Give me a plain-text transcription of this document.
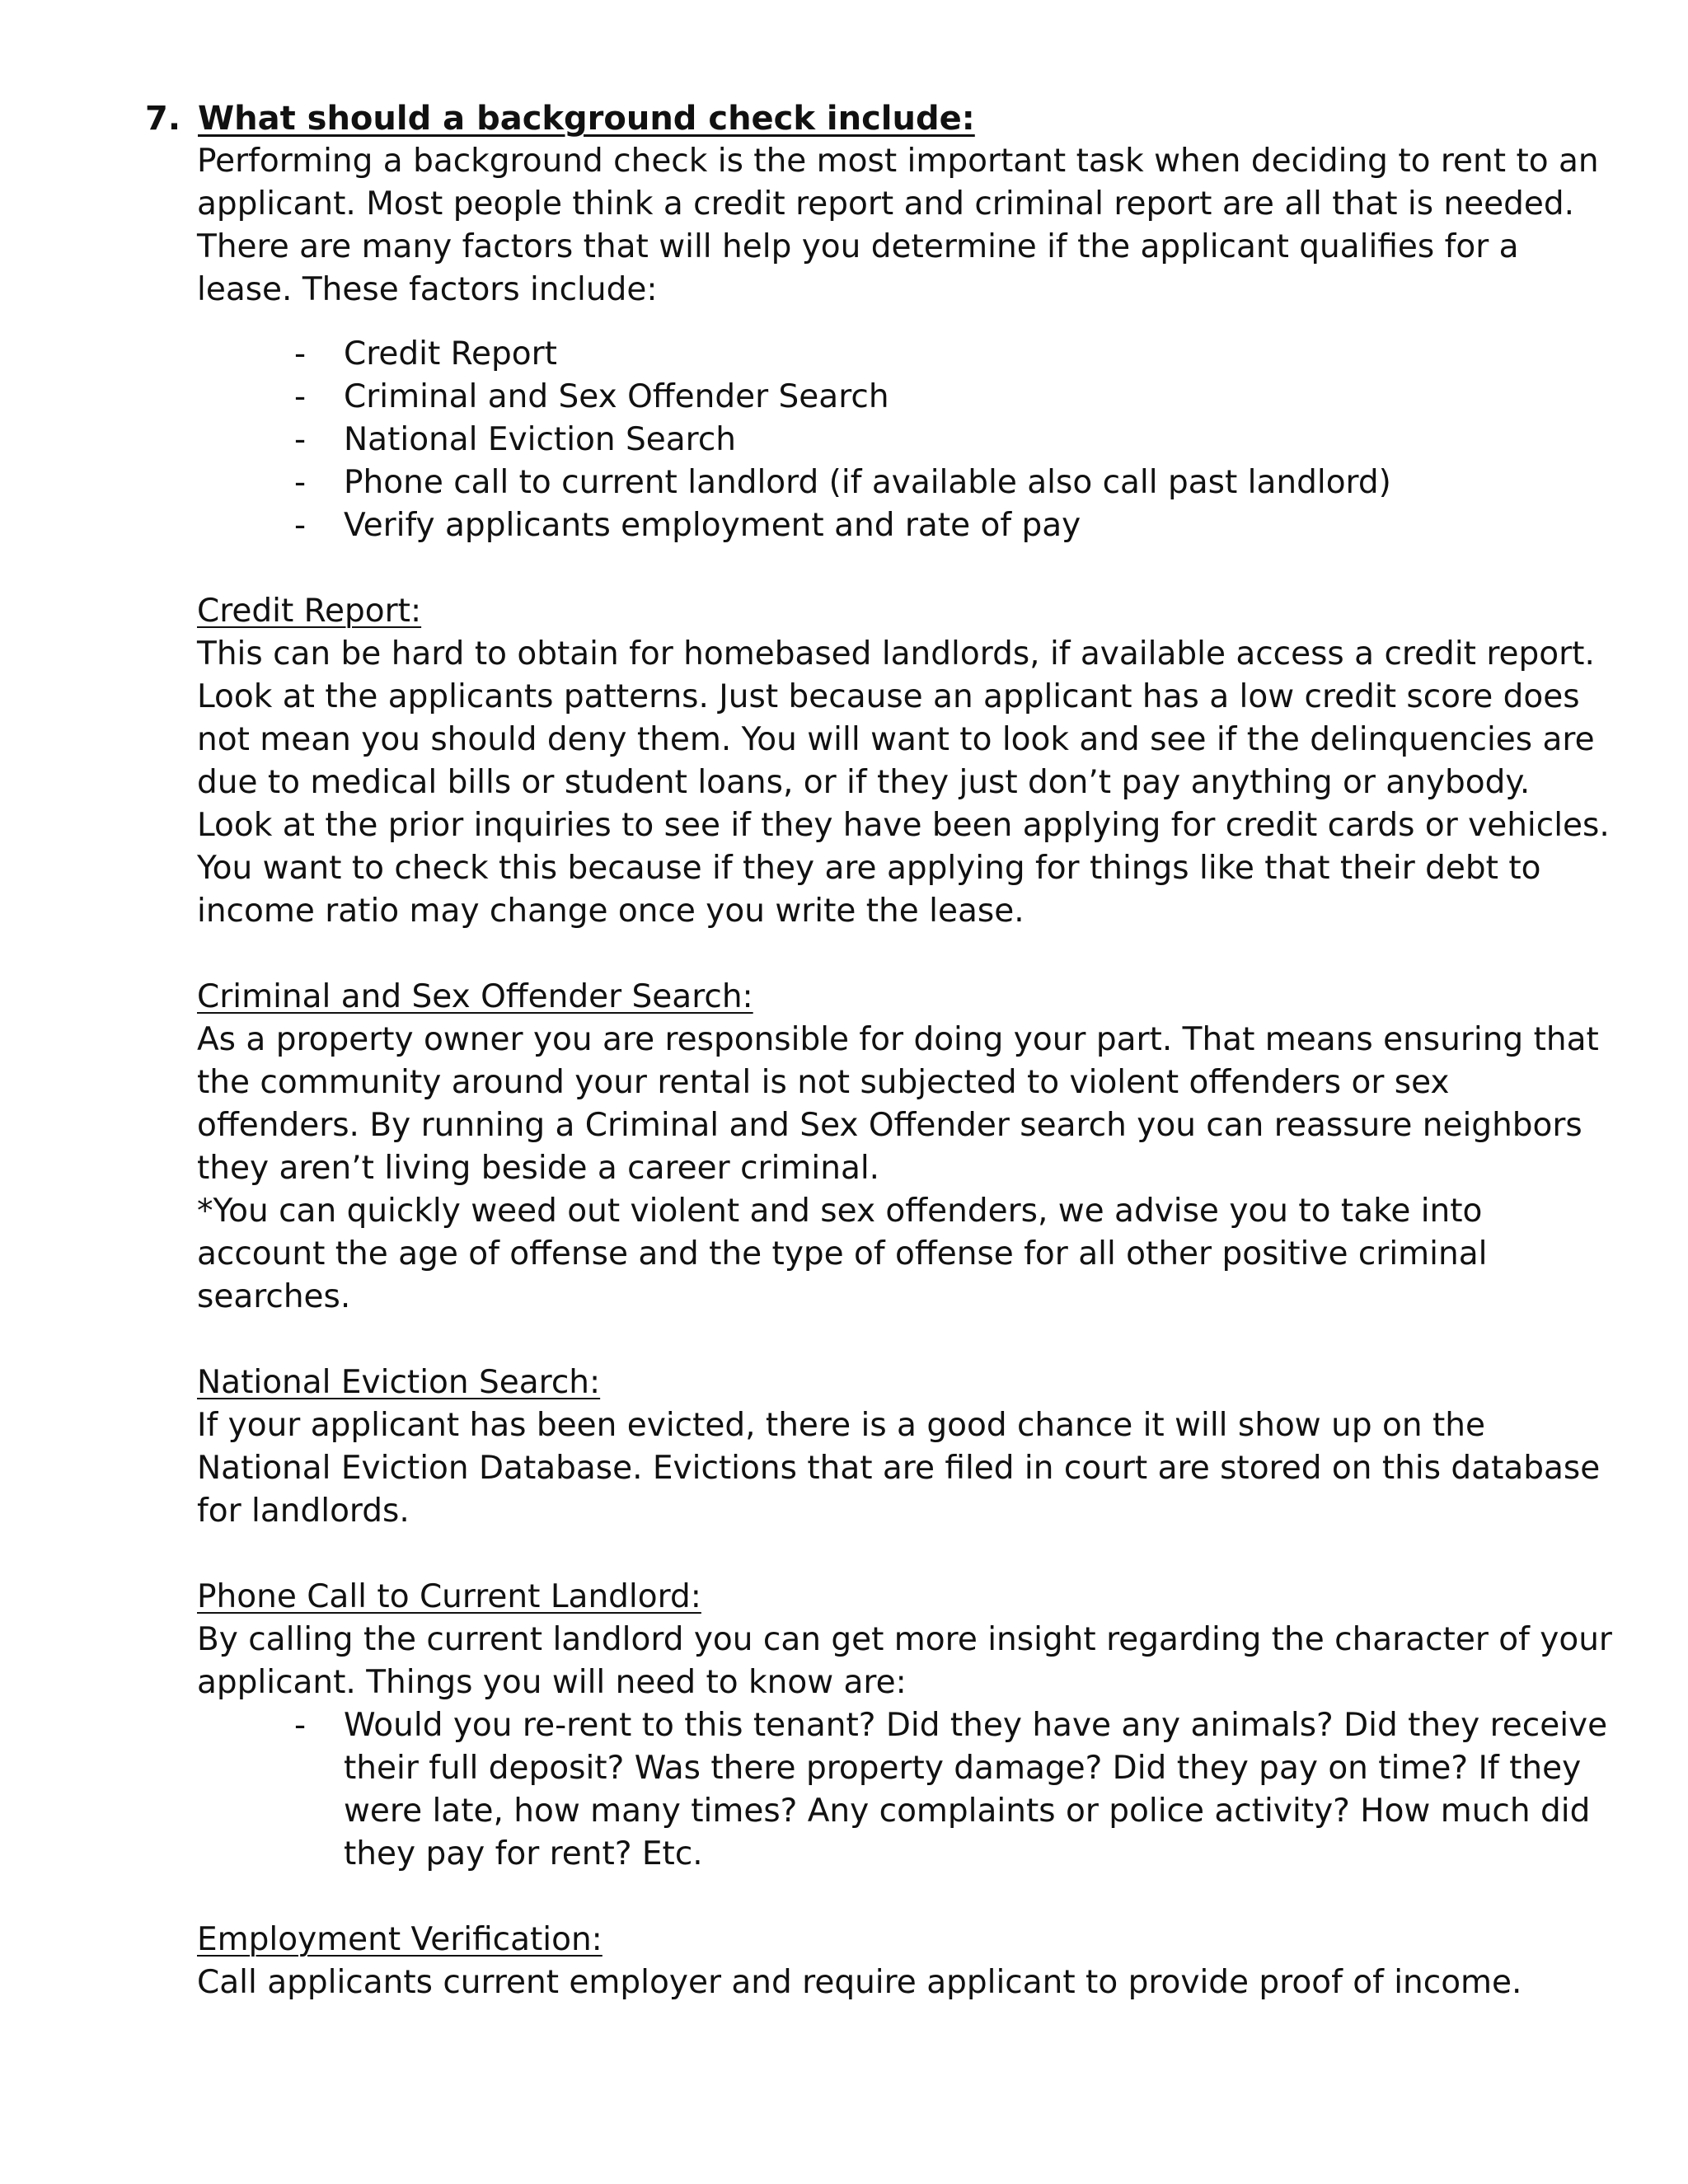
7. What should a background check include:

Performing a background check is the most important task when deciding to rent to an applicant. Most people think a credit report and criminal report are all that is needed. There are many factors that will help you determine if the applicant qualifies for a lease. These factors include:

- Credit Report
- Criminal and Sex Offender Search
- National Eviction Search
- Phone call to current landlord (if available also call past landlord)
- Verify applicants employment and rate of pay

Credit Report:

This can be hard to obtain for homebased landlords, if available access a credit report. Look at the applicants patterns. Just because an applicant has a low credit score does not mean you should deny them. You will want to look and see if the delinquencies are due to medical bills or student loans, or if they just don’t pay anything or anybody. Look at the prior inquiries to see if they have been applying for credit cards or vehicles. You want to check this because if they are applying for things like that their debt to income ratio may change once you write the lease.

Criminal and Sex Offender Search:

As a property owner you are responsible for doing your part. That means ensuring that the community around your rental is not subjected to violent offenders or sex offenders. By running a Criminal and Sex Offender search you can reassure neighbors they aren’t living beside a career criminal.

*You can quickly weed out violent and sex offenders, we advise you to take into account the age of offense and the type of offense for all other positive criminal searches.

National Eviction Search:

If your applicant has been evicted, there is a good chance it will show up on the National Eviction Database. Evictions that are filed in court are stored on this database for landlords.

Phone Call to Current Landlord:

By calling the current landlord you can get more insight regarding the character of your applicant. Things you will need to know are:

- Would you re-rent to this tenant? Did they have any animals? Did they receive their full deposit? Was there property damage? Did they pay on time? If they were late, how many times? Any complaints or police activity? How much did they pay for rent? Etc.

Employment Verification:

Call applicants current employer and require applicant to provide proof of income.
